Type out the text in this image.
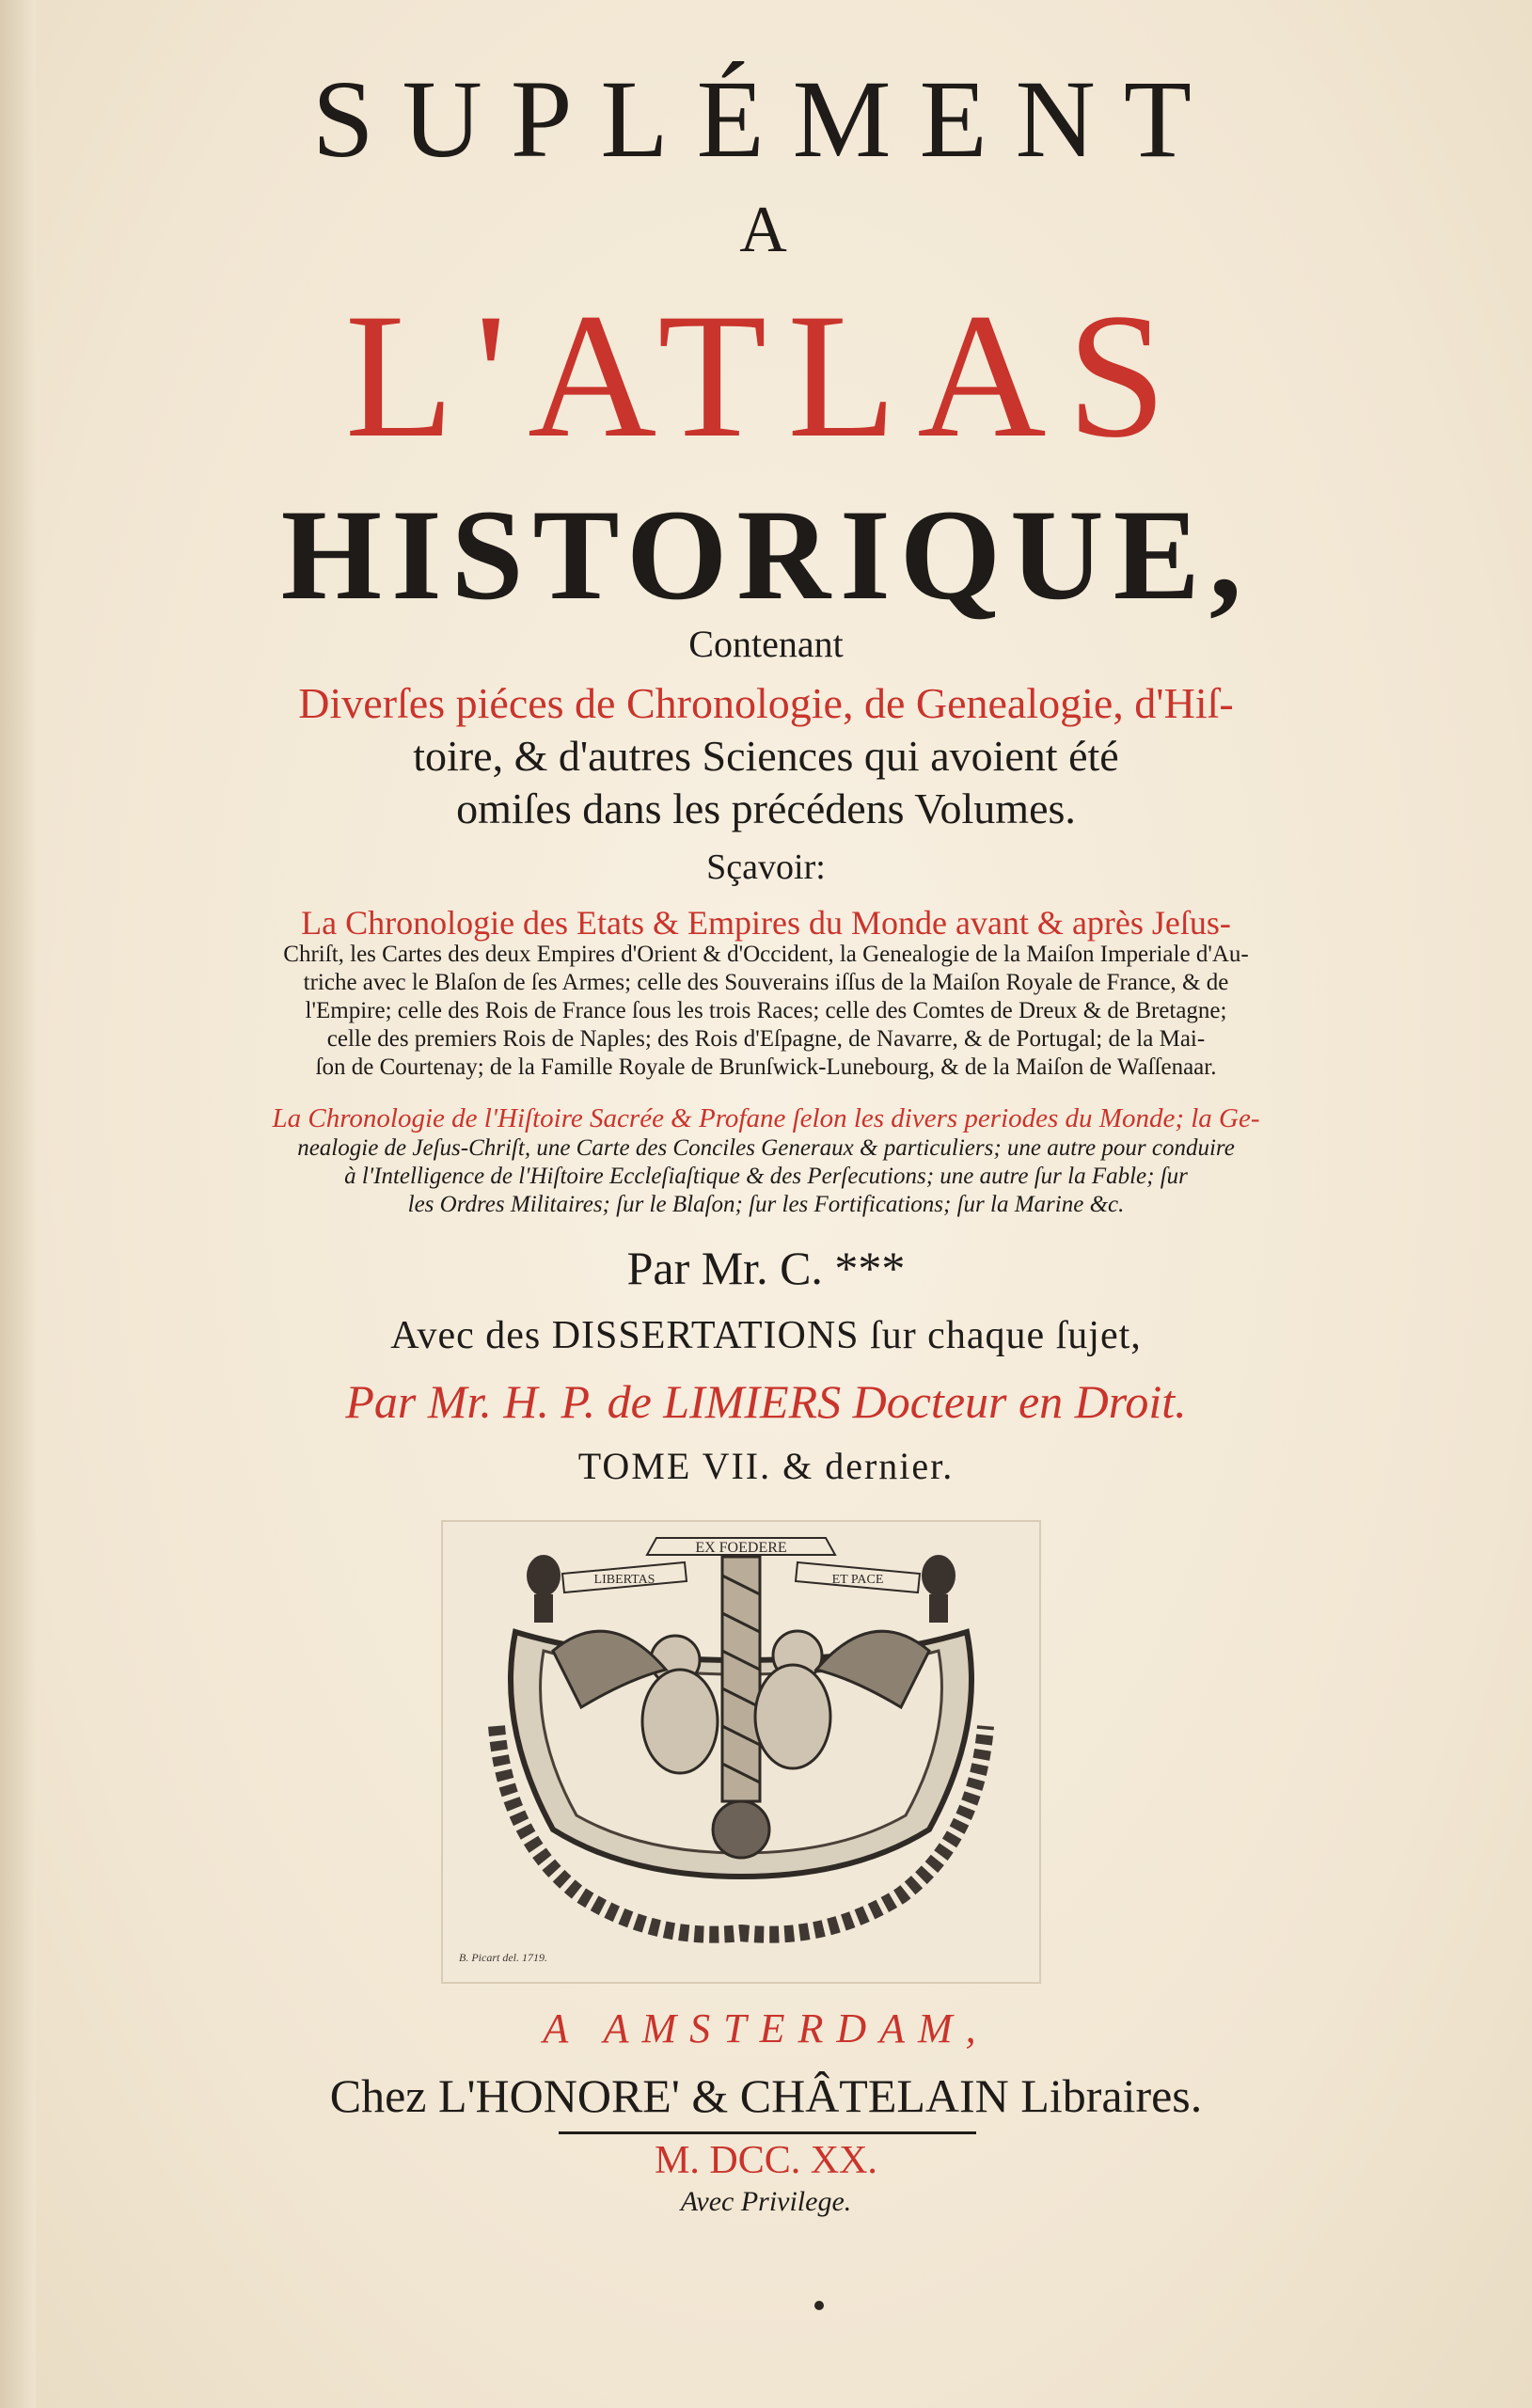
SUPLÉMENT
A
L'ATLAS
HISTORIQUE,
Contenant
Diverſes piéces de Chronologie, de Genealogie, d'Hiſ-
toire, & d'autres Sciences qui avoient été
omiſes dans les précédens Volumes.
Sçavoir:
La Chronologie des Etats & Empires du Monde avant & après Jeſus-
Chriſt, les Cartes des deux Empires d'Orient & d'Occident, la Genealogie de la Maiſon Imperiale d'Au-
triche avec le Blaſon de ſes Armes; celle des Souverains iſſus de la Maiſon Royale de France, & de
l'Empire; celle des Rois de France ſous les trois Races; celle des Comtes de Dreux & de Bretagne;
celle des premiers Rois de Naples; des Rois d'Eſpagne, de Navarre, & de Portugal; de la Mai-
ſon de Courtenay; de la Famille Royale de Brunſwick-Lunebourg, & de la Maiſon de Waſſenaar.
La Chronologie de l'Hiſtoire Sacrée & Profane ſelon les divers periodes du Monde; la Ge-
nealogie de Jeſus-Chriſt, une Carte des Conciles Generaux & particuliers; une autre pour conduire
à l'Intelligence de l'Hiſtoire Eccleſiaſtique & des Perſecutions; une autre ſur la Fable; ſur
les Ordres Militaires; ſur le Blaſon; ſur les Fortifications; ſur la Marine &c.
Par Mr. C. ***
Avec des DISSERTATIONS ſur chaque ſujet,
Par Mr. H. P. de LIMIERS Docteur en Droit.
TOME VII. & dernier.
EX FOEDERE
LIBERTAS	ET PACE
B. Picart del. 1719.
A AMSTERDAM,
Chez L'HONORE' & CHÂTELAIN Libraires.
M. DCC. XX.
Avec Privilege.
